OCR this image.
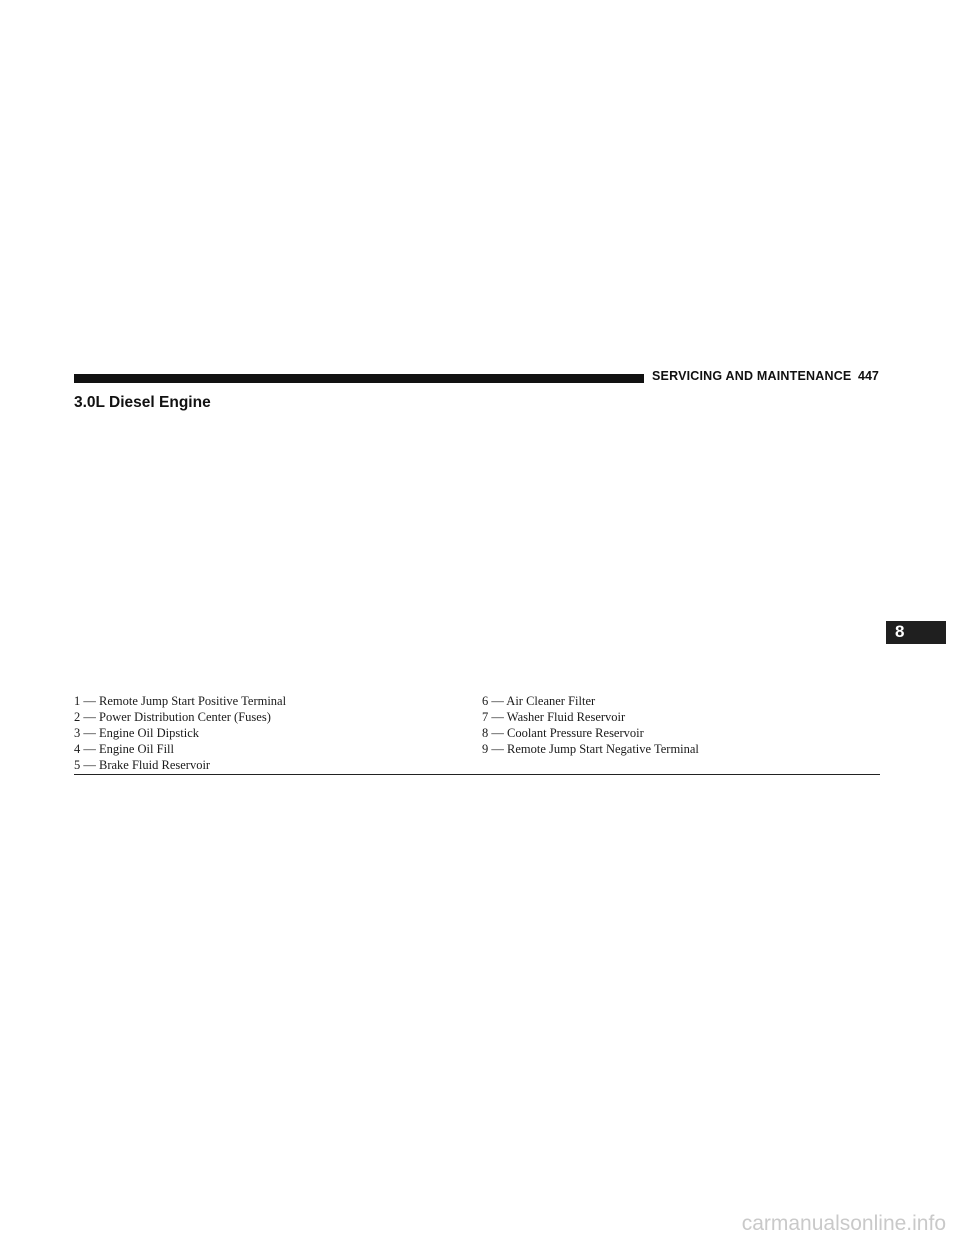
SERVICING AND MAINTENANCE 447
3.0L Diesel Engine
1 — Remote Jump Start Positive Terminal
2 — Power Distribution Center (Fuses)
3 — Engine Oil Dipstick
4 — Engine Oil Fill
5 — Brake Fluid Reservoir
6 — Air Cleaner Filter
7 — Washer Fluid Reservoir
8 — Coolant Pressure Reservoir
9 — Remote Jump Start Negative Terminal
8
carmanualsonline.info
